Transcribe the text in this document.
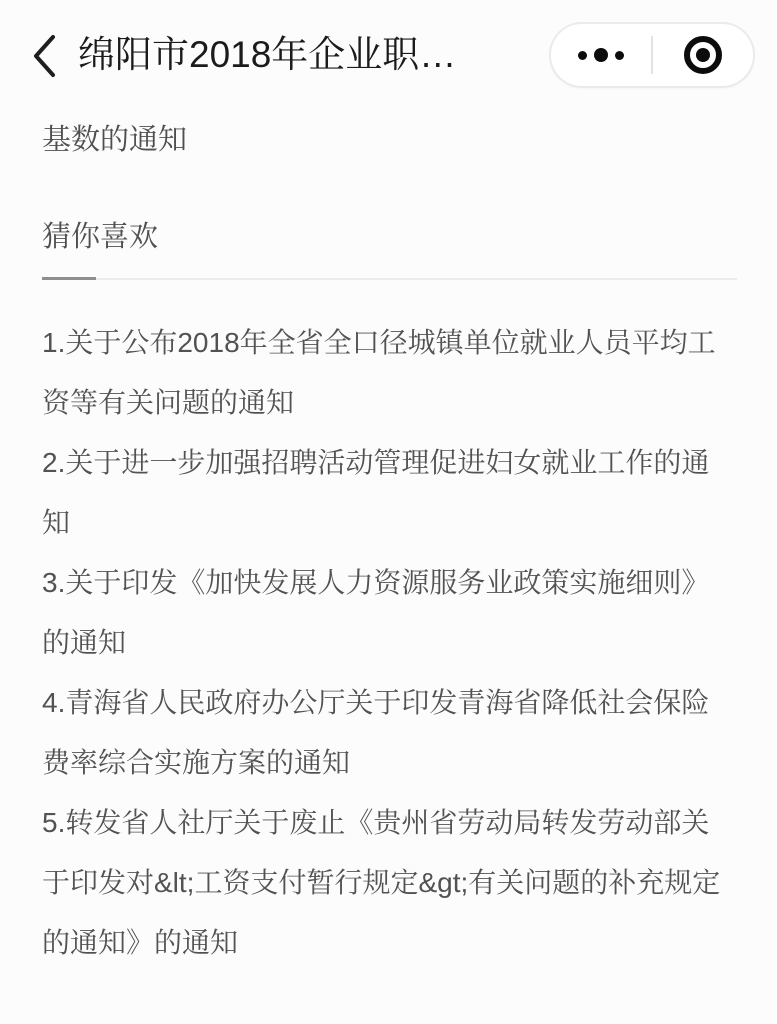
绵阳市2018年企业职…

基数的通知

猜你喜欢

1.关于公布2018年全省全口径城镇单位就业人员平均工资等有关问题的通知

2.关于进一步加强招聘活动管理促进妇女就业工作的通知

3.关于印发《加快发展人力资源服务业政策实施细则》的通知

4.青海省人民政府办公厅关于印发青海省降低社会保险费率综合实施方案的通知

5.转发省人社厅关于废止《贵州省劳动局转发劳动部关于印发对&lt;工资支付暂行规定&gt;有关问题的补充规定的通知》的通知
